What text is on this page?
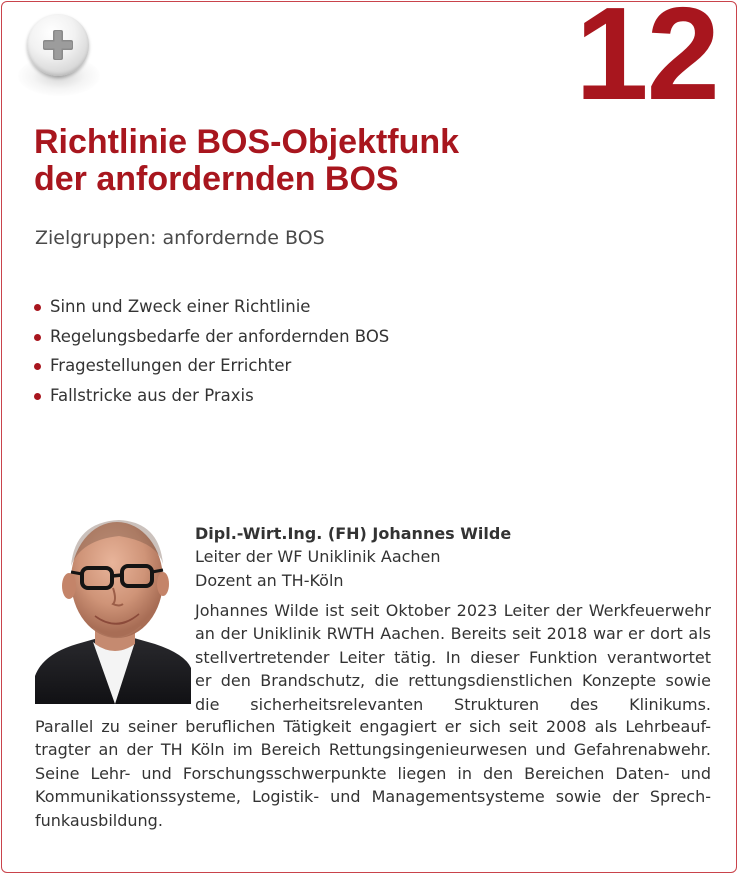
12
Richtlinie BOS-Objektfunk
der anfordernden BOS
Zielgruppen: anfordernde BOS
Sinn und Zweck einer Richtlinie
Regelungsbedarfe der anfordernden BOS
Fragestellungen der Errichter
Fallstricke aus der Praxis
Dipl.-Wirt.Ing. (FH) Johannes Wilde
Leiter der WF Uniklinik Aachen
Dozent an TH-Köln
Johannes Wilde ist seit Oktober 2023 Leiter der Werkfeuerwehr
an der Uniklinik RWTH Aachen. Bereits seit 2018 war er dort als
stellvertretender Leiter tätig. In dieser Funktion verantwortet
er den Brandschutz, die rettungsdienstlichen Konzepte sowie
die sicherheitsrelevanten Strukturen des Klinikums.
Parallel zu seiner beruflichen Tätigkeit engagiert er sich seit 2008 als Lehrbeauf-
tragter an der TH Köln im Bereich Rettungsingenieurwesen und Gefahrenabwehr.
Seine Lehr- und Forschungsschwerpunkte liegen in den Bereichen Daten- und
Kommunikationssysteme, Logistik- und Managementsysteme sowie der Sprech-
funkausbildung.
